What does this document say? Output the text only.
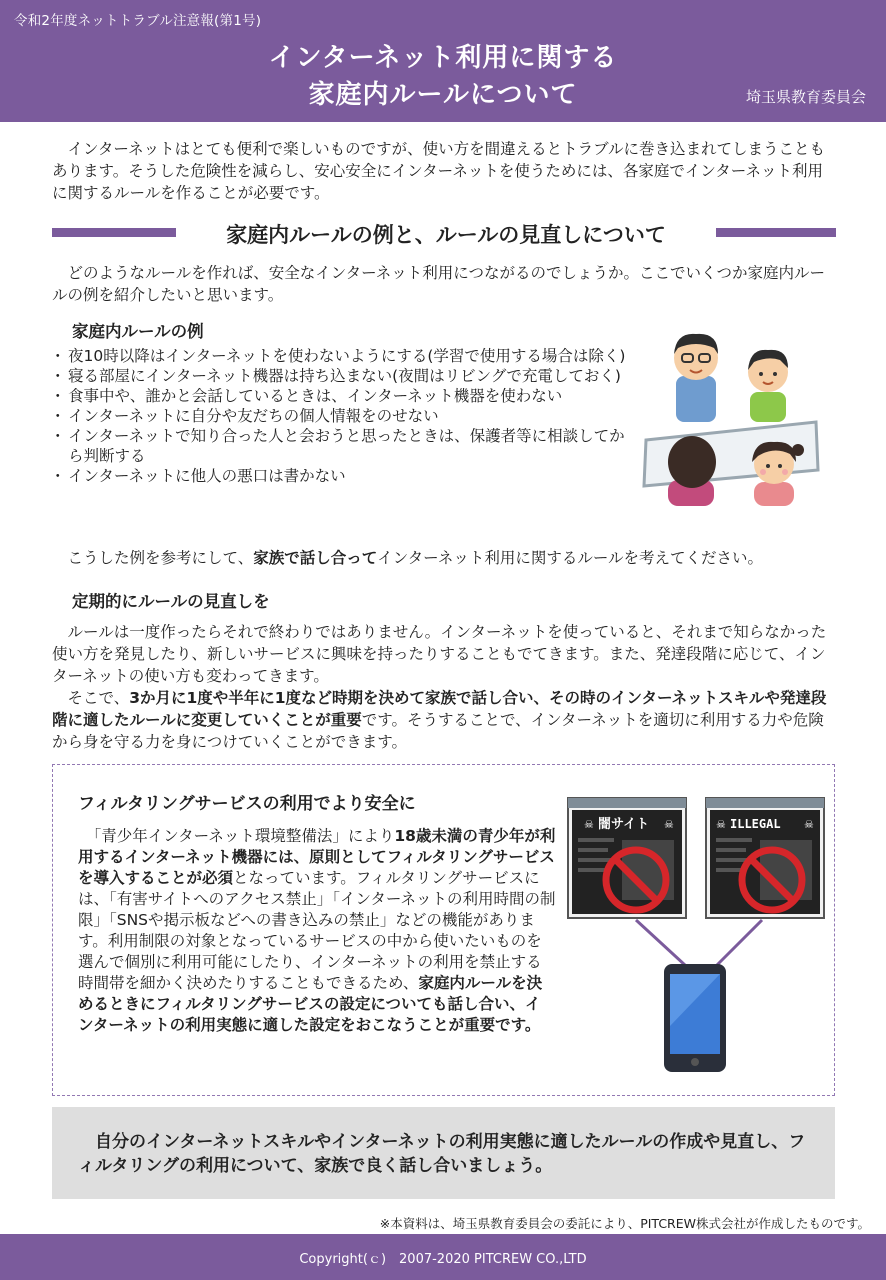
令和2年度ネットトラブル注意報(第1号)
インターネット利用に関する
家庭内ルールについて	埼玉県教育委員会

　インターネットはとても便利で楽しいものですが、使い方を間違えるとトラブルに巻き込まれてしまうこともあります。そうした危険性を減らし、安心安全にインターネットを使うためには、各家庭でインターネット利用に関するルールを作ることが必要です。

家庭内ルールの例と、ルールの見直しについて

　どのようなルールを作れば、安全なインターネット利用につながるのでしょうか。ここでいくつか家庭内ルールの例を紹介したいと思います。

家庭内ルールの例
・ 夜10時以降はインターネットを使わないようにする(学習で使用する場合は除く)
・ 寝る部屋にインターネット機器は持ち込まない(夜間はリビングで充電しておく)
・ 食事中や、誰かと会話しているときは、インターネット機器を使わない
・ インターネットに自分や友だちの個人情報をのせない
・ インターネットで知り合った人と会おうと思ったときは、保護者等に相談してから判断する
・ インターネットに他人の悪口は書かない

　こうした例を参考にして、家族で話し合ってインターネット利用に関するルールを考えてください。

定期的にルールの見直しを

　ルールは一度作ったらそれで終わりではありません。インターネットを使っていると、それまで知らなかった使い方を発見したり、新しいサービスに興味を持ったりすることもでてきます。また、発達段階に応じて、インターネットの使い方も変わってきます。

　そこで、3か月に1度や半年に1度など時期を決めて家族で話し合い、その時のインターネットスキルや発達段階に適したルールに変更していくことが重要です。そうすることで、インターネットを適切に利用する力や危険から身を守る力を身につけていくことができます。

フィルタリングサービスの利用でより安全に

　「青少年インターネット環境整備法」により18歳未満の青少年が利用するインターネット機器には、原則としてフィルタリングサービスを導入することが必須となっています。フィルタリングサービスには、「有害サイトへのアクセス禁止」「インターネットの利用時間の制限」「SNSや掲示板などへの書き込みの禁止」などの機能があります。利用制限の対象となっているサービスの中から使いたいものを選んで個別に利用可能にしたり、インターネットの利用を禁止する時間帯を細かく決めたりすることもできるため、家庭内ルールを決めるときにフィルタリングサービスの設定についても話し合い、インターネットの利用実態に適した設定をおこなうことが重要です。

☠ 闇サイト ☠	☠ ILLEGAL ☠

自分のインターネットスキルやインターネットの利用実態に適したルールの作成や見直し、フィルタリングの利用について、家族で良く話し合いましょう。

※本資料は、埼玉県教育委員会の委託により、PITCREW株式会社が作成したものです。
Copyright(ｃ)　2007-2020 PITCREW CO.,LTD
